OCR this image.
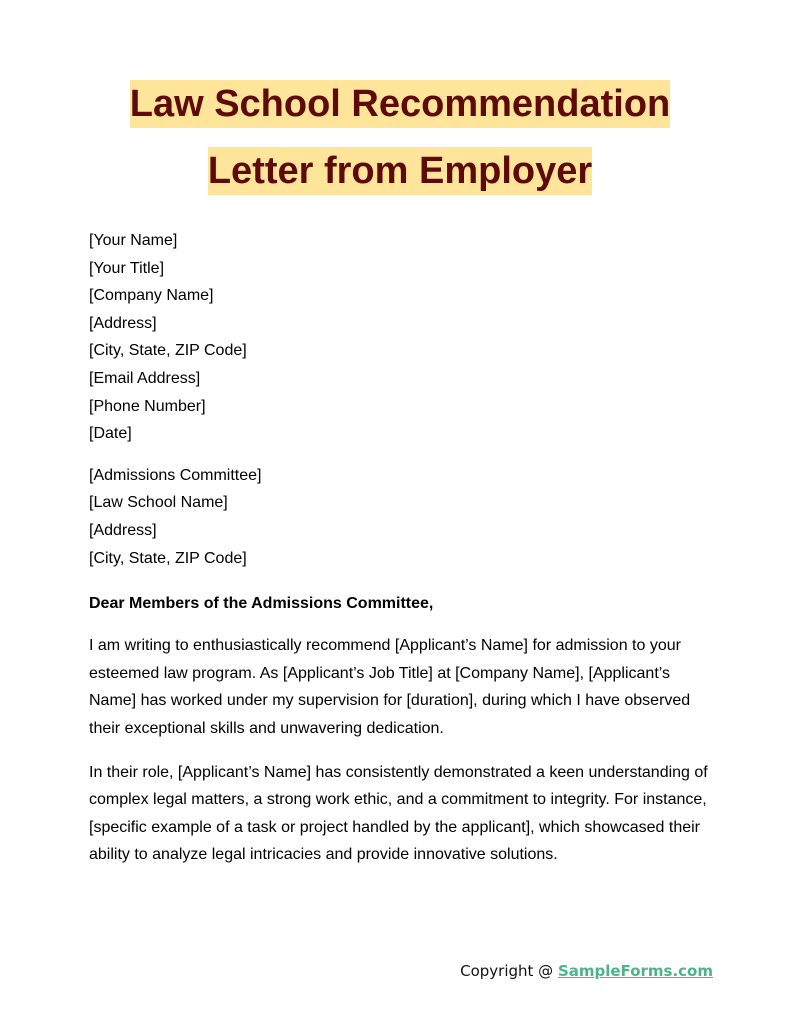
Law School Recommendation
Letter from Employer
[Your Name]
[Your Title]
[Company Name]
[Address]
[City, State, ZIP Code]
[Email Address]
[Phone Number]
[Date]
[Admissions Committee]
[Law School Name]
[Address]
[City, State, ZIP Code]
Dear Members of the Admissions Committee,

I am writing to enthusiastically recommend [Applicant’s Name] for admission to your esteemed law program. As [Applicant’s Job Title] at [Company Name], [Applicant’s Name] has worked under my supervision for [duration], during which I have observed their exceptional skills and unwavering dedication.

In their role, [Applicant’s Name] has consistently demonstrated a keen understanding of complex legal matters, a strong work ethic, and a commitment to integrity. For instance, [specific example of a task or project handled by the applicant], which showcased their ability to analyze legal intricacies and provide innovative solutions.

Copyright @ SampleForms.com
